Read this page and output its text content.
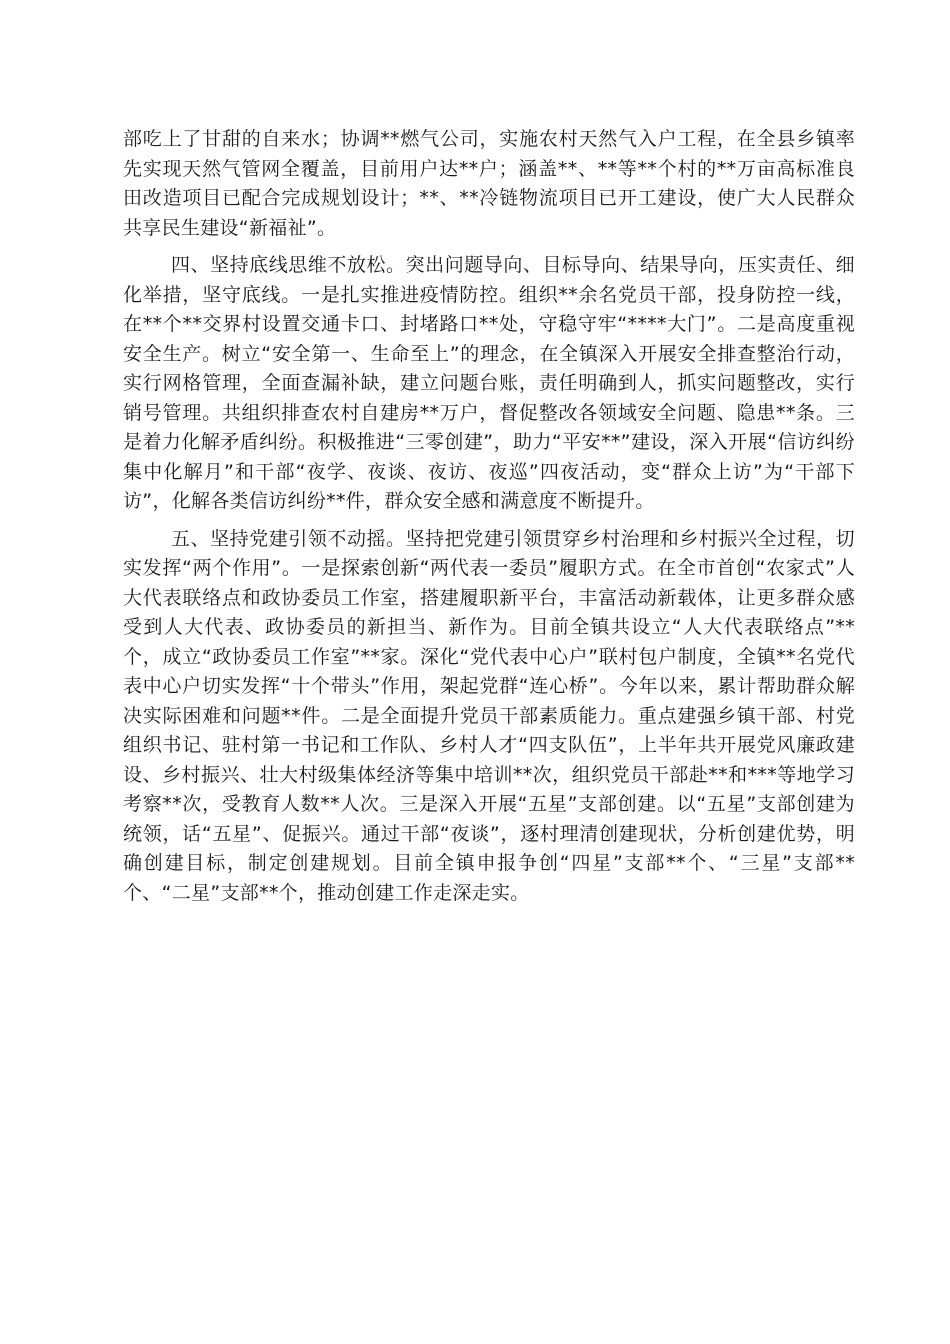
部吃上了甘甜的自来水；协调**燃气公司，实施农村天然气入户工程，在全县乡镇率先实现天然气管网全覆盖，目前用户达**户；涵盖**、**等**个村的**万亩高标准良田改造项目已配合完成规划设计；**、**冷链物流项目已开工建设，使广大人民群众共享民生建设“新福祉”。

四、坚持底线思维不放松。突出问题导向、目标导向、结果导向，压实责任、细化举措，坚守底线。一是扎实推进疫情防控。组织**余名党员干部，投身防控一线，在**个**交界村设置交通卡口、封堵路口**处，守稳守牢“****大门”。二是高度重视安全生产。树立“安全第一、生命至上”的理念，在全镇深入开展安全排查整治行动，实行网格管理，全面查漏补缺，建立问题台账，责任明确到人，抓实问题整改，实行销号管理。共组织排查农村自建房**万户，督促整改各领域安全问题、隐患**条。三是着力化解矛盾纠纷。积极推进“三零创建”，助力“平安**”建设，深入开展“信访纠纷集中化解月”和干部“夜学、夜谈、夜访、夜巡”四夜活动，变“群众上访”为“干部下访”，化解各类信访纠纷**件，群众安全感和满意度不断提升。

五、坚持党建引领不动摇。坚持把党建引领贯穿乡村治理和乡村振兴全过程，切实发挥“两个作用”。一是探索创新“两代表一委员”履职方式。在全市首创“农家式”人大代表联络点和政协委员工作室，搭建履职新平台，丰富活动新载体，让更多群众感受到人大代表、政协委员的新担当、新作为。目前全镇共设立“人大代表联络点”**个，成立“政协委员工作室”**家。深化“党代表中心户”联村包户制度，全镇**名党代表中心户切实发挥“十个带头”作用，架起党群“连心桥”。今年以来，累计帮助群众解决实际困难和问题**件。二是全面提升党员干部素质能力。重点建强乡镇干部、村党组织书记、驻村第一书记和工作队、乡村人才“四支队伍”，上半年共开展党风廉政建设、乡村振兴、壮大村级集体经济等集中培训**次，组织党员干部赴**和***等地学习考察**次，受教育人数**人次。三是深入开展“五星”支部创建。以“五星”支部创建为统领，话“五星”、促振兴。通过干部“夜谈”，逐村理清创建现状，分析创建优势，明确创建目标，制定创建规划。目前全镇申报争创“四星”支部**个、“三星”支部**个、“二星”支部**个，推动创建工作走深走实。
